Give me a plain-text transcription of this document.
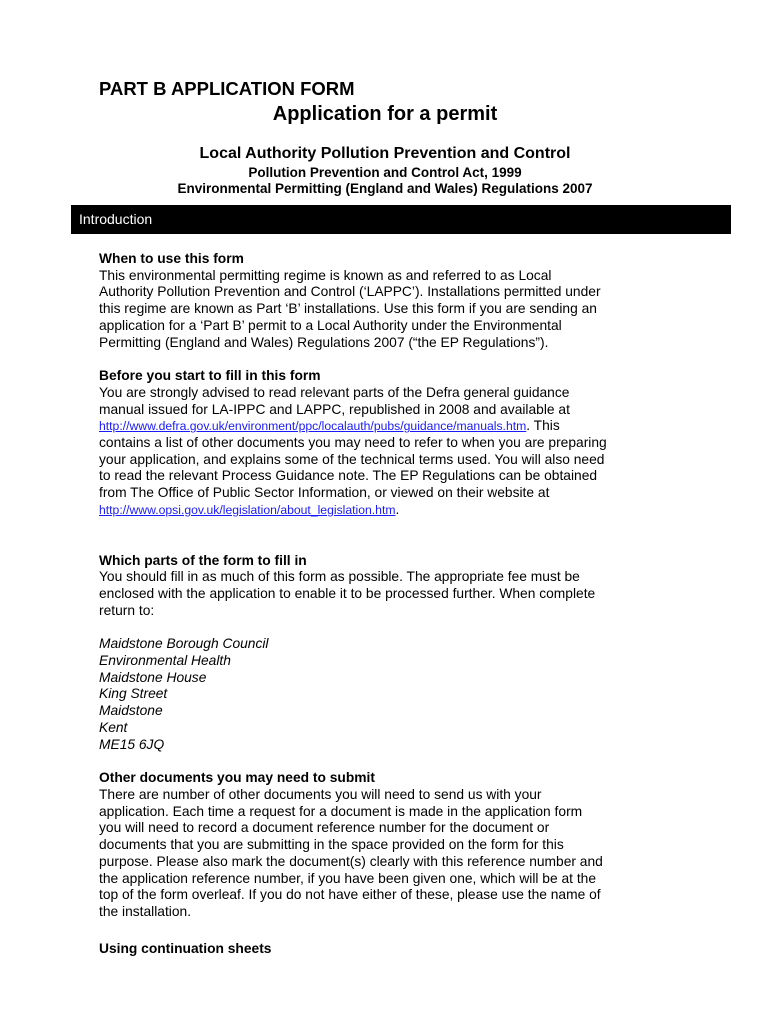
PART B APPLICATION FORM
Application for a permit
Local Authority Pollution Prevention and Control
Pollution Prevention and Control Act, 1999
Environmental Permitting (England and Wales) Regulations 2007
Introduction
When to use this form
This environmental permitting regime is known as and referred to as Local
Authority Pollution Prevention and Control (‘LAPPC’). Installations permitted under
this regime are known as Part ‘B’ installations. Use this form if you are sending an
application for a ‘Part B’ permit to a Local Authority under the Environmental
Permitting (England and Wales) Regulations 2007 (“the EP Regulations”).
Before you start to fill in this form
You are strongly advised to read relevant parts of the Defra general guidance
manual issued for LA-IPPC and LAPPC, republished in 2008 and available at
http://www.defra.gov.uk/environment/ppc/localauth/pubs/guidance/manuals.htm. This
contains a list of other documents you may need to refer to when you are preparing
your application, and explains some of the technical terms used. You will also need
to read the relevant Process Guidance note. The EP Regulations can be obtained
from The Office of Public Sector Information, or viewed on their website at
http://www.opsi.gov.uk/legislation/about_legislation.htm.
Which parts of the form to fill in
You should fill in as much of this form as possible. The appropriate fee must be
enclosed with the application to enable it to be processed further. When complete
return to:
Maidstone Borough Council
Environmental Health
Maidstone House
King Street
Maidstone
Kent
ME15 6JQ
Other documents you may need to submit
There are number of other documents you will need to send us with your
application. Each time a request for a document is made in the application form
you will need to record a document reference number for the document or
documents that you are submitting in the space provided on the form for this
purpose. Please also mark the document(s) clearly with this reference number and
the application reference number, if you have been given one, which will be at the
top of the form overleaf. If you do not have either of these, please use the name of
the installation.
Using continuation sheets
